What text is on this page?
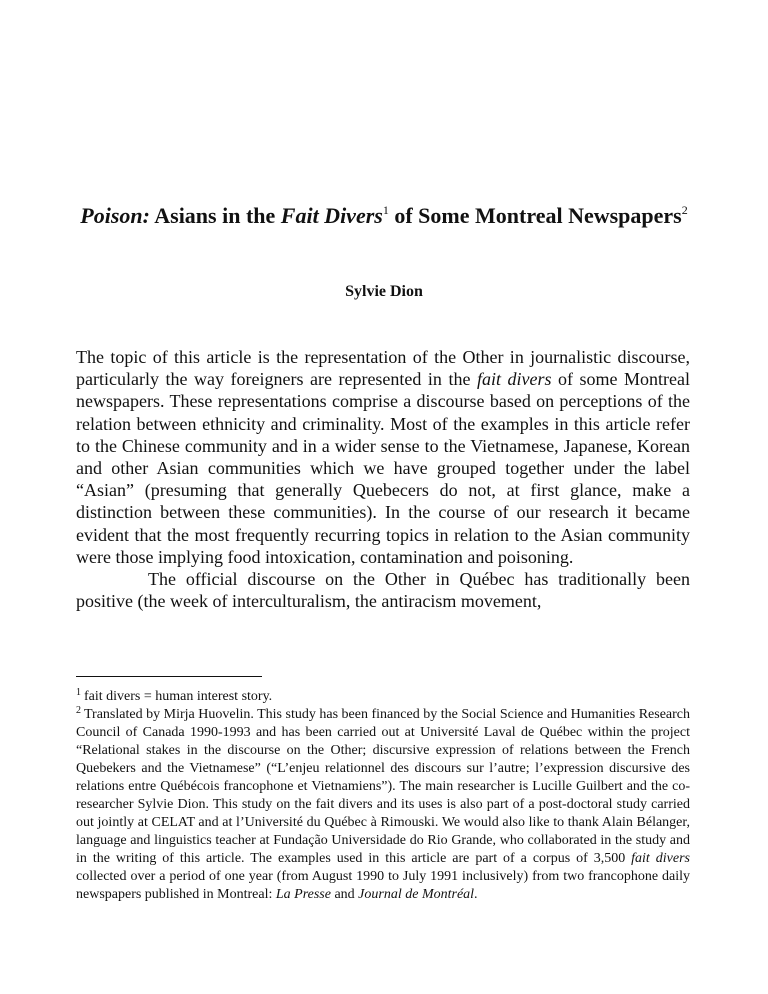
Poison: Asians in the Fait Divers$^1$ of Some Montreal Newspapers$^2$
Sylvie Dion

The topic of this article is the representation of the Other in journalistic discourse, particularly the way foreigners are represented in the fait divers of some Montreal newspapers. These representations comprise a discourse based on perceptions of the relation between ethnicity and criminality. Most of the examples in this article refer to the Chinese community and in a wider sense to the Vietnamese, Japanese, Korean and other Asian communities which we have grouped together under the label “Asian” (presuming that generally Quebecers do not, at first glance, make a distinction between these communities). In the course of our research it became evident that the most frequently recurring topics in relation to the Asian community were those implying food intoxication, contamination and poisoning.

The official discourse on the Other in Québec has traditionally been positive (the week of interculturalism, the antiracism movement,

$^1$ fait divers = human interest story.

$^2$ Translated by Mirja Huovelin. This study has been financed by the Social Science and Humanities Research Council of Canada 1990-1993 and has been carried out at Université Laval de Québec within the project “Relational stakes in the discourse on the Other; discursive expression of relations between the French Quebekers and the Vietnamese” (“L’enjeu relationnel des discours sur l’autre; l’expression discursive des relations entre Québécois francophone et Vietnamiens”). The main researcher is Lucille Guilbert and the co-researcher Sylvie Dion. This study on the fait divers and its uses is also part of a post-doctoral study carried out jointly at CELAT and at l’Université du Québec à Rimouski. We would also like to thank Alain Bélanger, language and linguistics teacher at Fundação Universidade do Rio Grande, who collaborated in the study and in the writing of this article. The examples used in this article are part of a corpus of 3,500 fait divers collected over a period of one year (from August 1990 to July 1991 inclusively) from two francophone daily newspapers published in Montreal: La Presse and Journal de Montréal.
